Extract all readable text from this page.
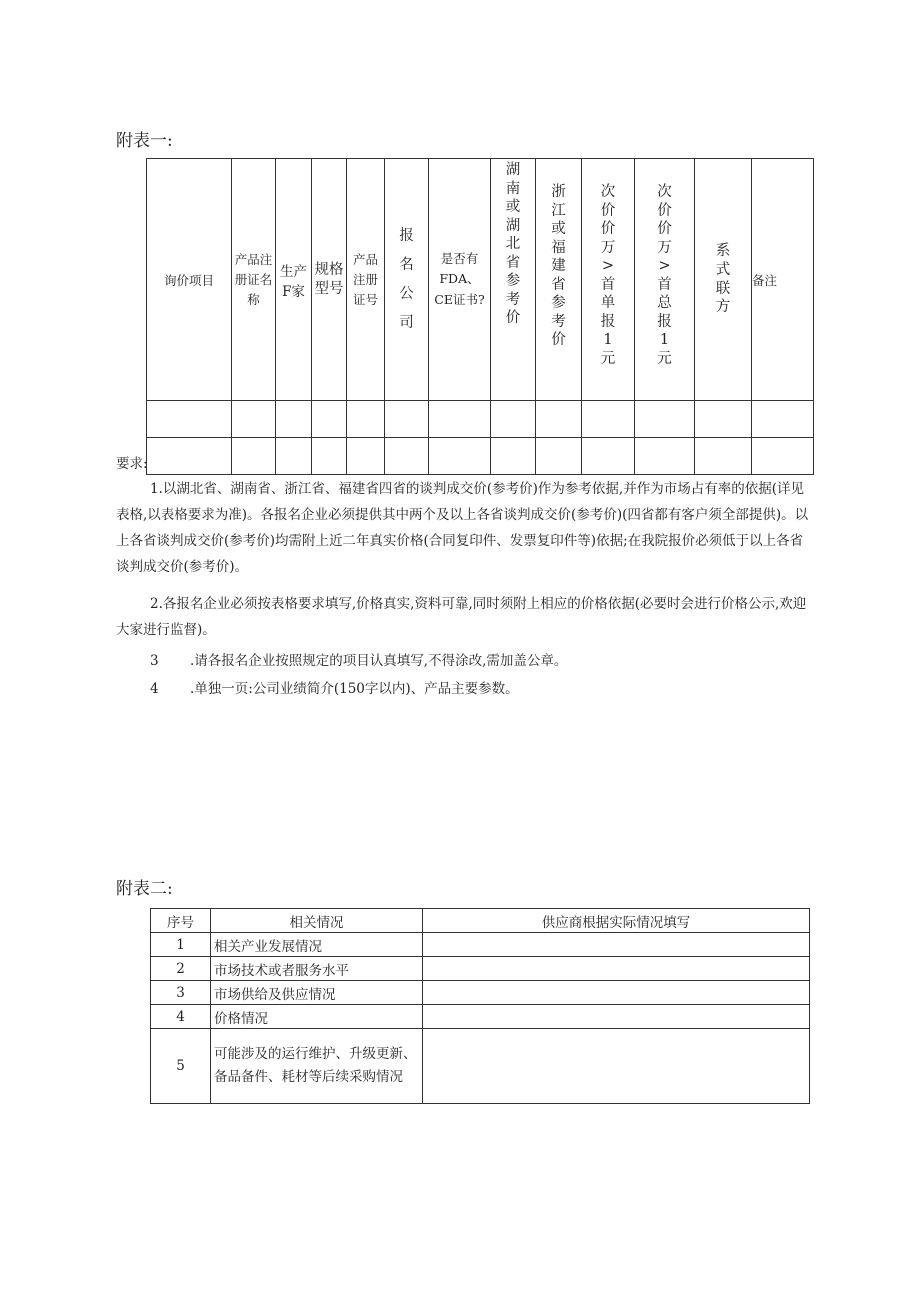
附表一:
询价项目	产品注册证名称	生产F家	规格型号	产品注册证号	报名公司	是否有FDA、CE证书?	湖南或湖北省参考价	浙江或福建省参考价	次价价万>首单报1元	次价价万>首总报1元	系式联方	备注

要求:
1.以湖北省、湖南省、浙江省、福建省四省的谈判成交价(参考价)作为参考依据,并作为市场占有率的依据(详见表格,以表格要求为准)。各报名企业必须提供其中两个及以上各省谈判成交价(参考价)(四省都有客户须全部提供)。以上各省谈判成交价(参考价)均需附上近二年真实价格(合同复印件、发票复印件等)依据;在我院报价必须低于以上各省谈判成交价(参考价)。
2.各报名企业必须按表格要求填写,价格真实,资料可靠,同时须附上相应的价格依据(必要时会进行价格公示,欢迎大家进行监督)。
3 .请各报名企业按照规定的项目认真填写,不得涂改,需加盖公章。
4 .单独一页:公司业绩简介(150字以内)、产品主要参数。
附表二:
序号	相关情况	供应商根据实际情况填写
1	相关产业发展情况	
2	市场技术或者服务水平	
3	市场供给及供应情况	
4	价格情况	
5	可能涉及的运行维护、升级更新、备品备件、耗材等后续采购情况	
